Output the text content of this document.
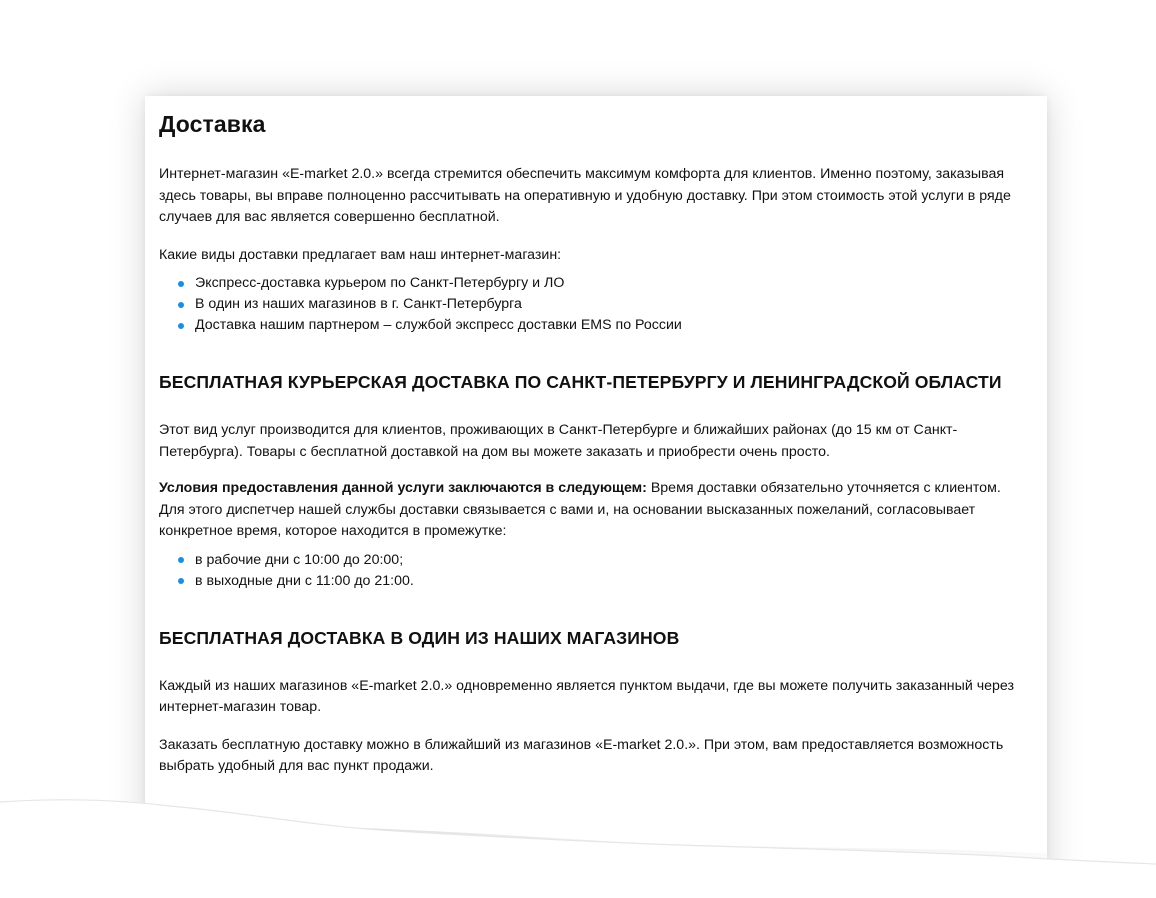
Доставка

Интернет-магазин «E-market 2.0.» всегда стремится обеспечить максимум комфорта для клиентов. Именно поэтому, заказывая здесь товары, вы вправе полноценно рассчитывать на оперативную и удобную доставку. При этом стоимость этой услуги в ряде случаев для вас является совершенно бесплатной.

Какие виды доставки предлагает вам наш интернет-магазин:

Экспресс-доставка курьером по Санкт-Петербургу и ЛО
В один из наших магазинов в г. Санкт-Петербурга
Доставка нашим партнером – службой экспресс доставки EMS по России
БЕСПЛАТНАЯ КУРЬЕРСКАЯ ДОСТАВКА ПО САНКТ-ПЕТЕРБУРГУ И ЛЕНИНГРАДСКОЙ ОБЛАСТИ

Этот вид услуг производится для клиентов, проживающих в Санкт-Петербурге и ближайших районах (до 15 км от Санкт-Петербурга). Товары с бесплатной доставкой на дом вы можете заказать и приобрести очень просто.

Условия предоставления данной услуги заключаются в следующем: Время доставки обязательно уточняется с клиентом. Для этого диспетчер нашей службы доставки связывается с вами и, на основании высказанных пожеланий, согласовывает конкретное время, которое находится в промежутке:

в рабочие дни с 10:00 до 20:00;
в выходные дни с 11:00 до 21:00.
БЕСПЛАТНАЯ ДОСТАВКА В ОДИН ИЗ НАШИХ МАГАЗИНОВ

Каждый из наших магазинов «E-market 2.0.» одновременно является пунктом выдачи, где вы можете получить заказанный через интернет-магазин товар.

Заказать бесплатную доставку можно в ближайший из магазинов «E-market 2.0.». При этом, вам предоставляется возможность выбрать удобный для вас пункт продажи.
